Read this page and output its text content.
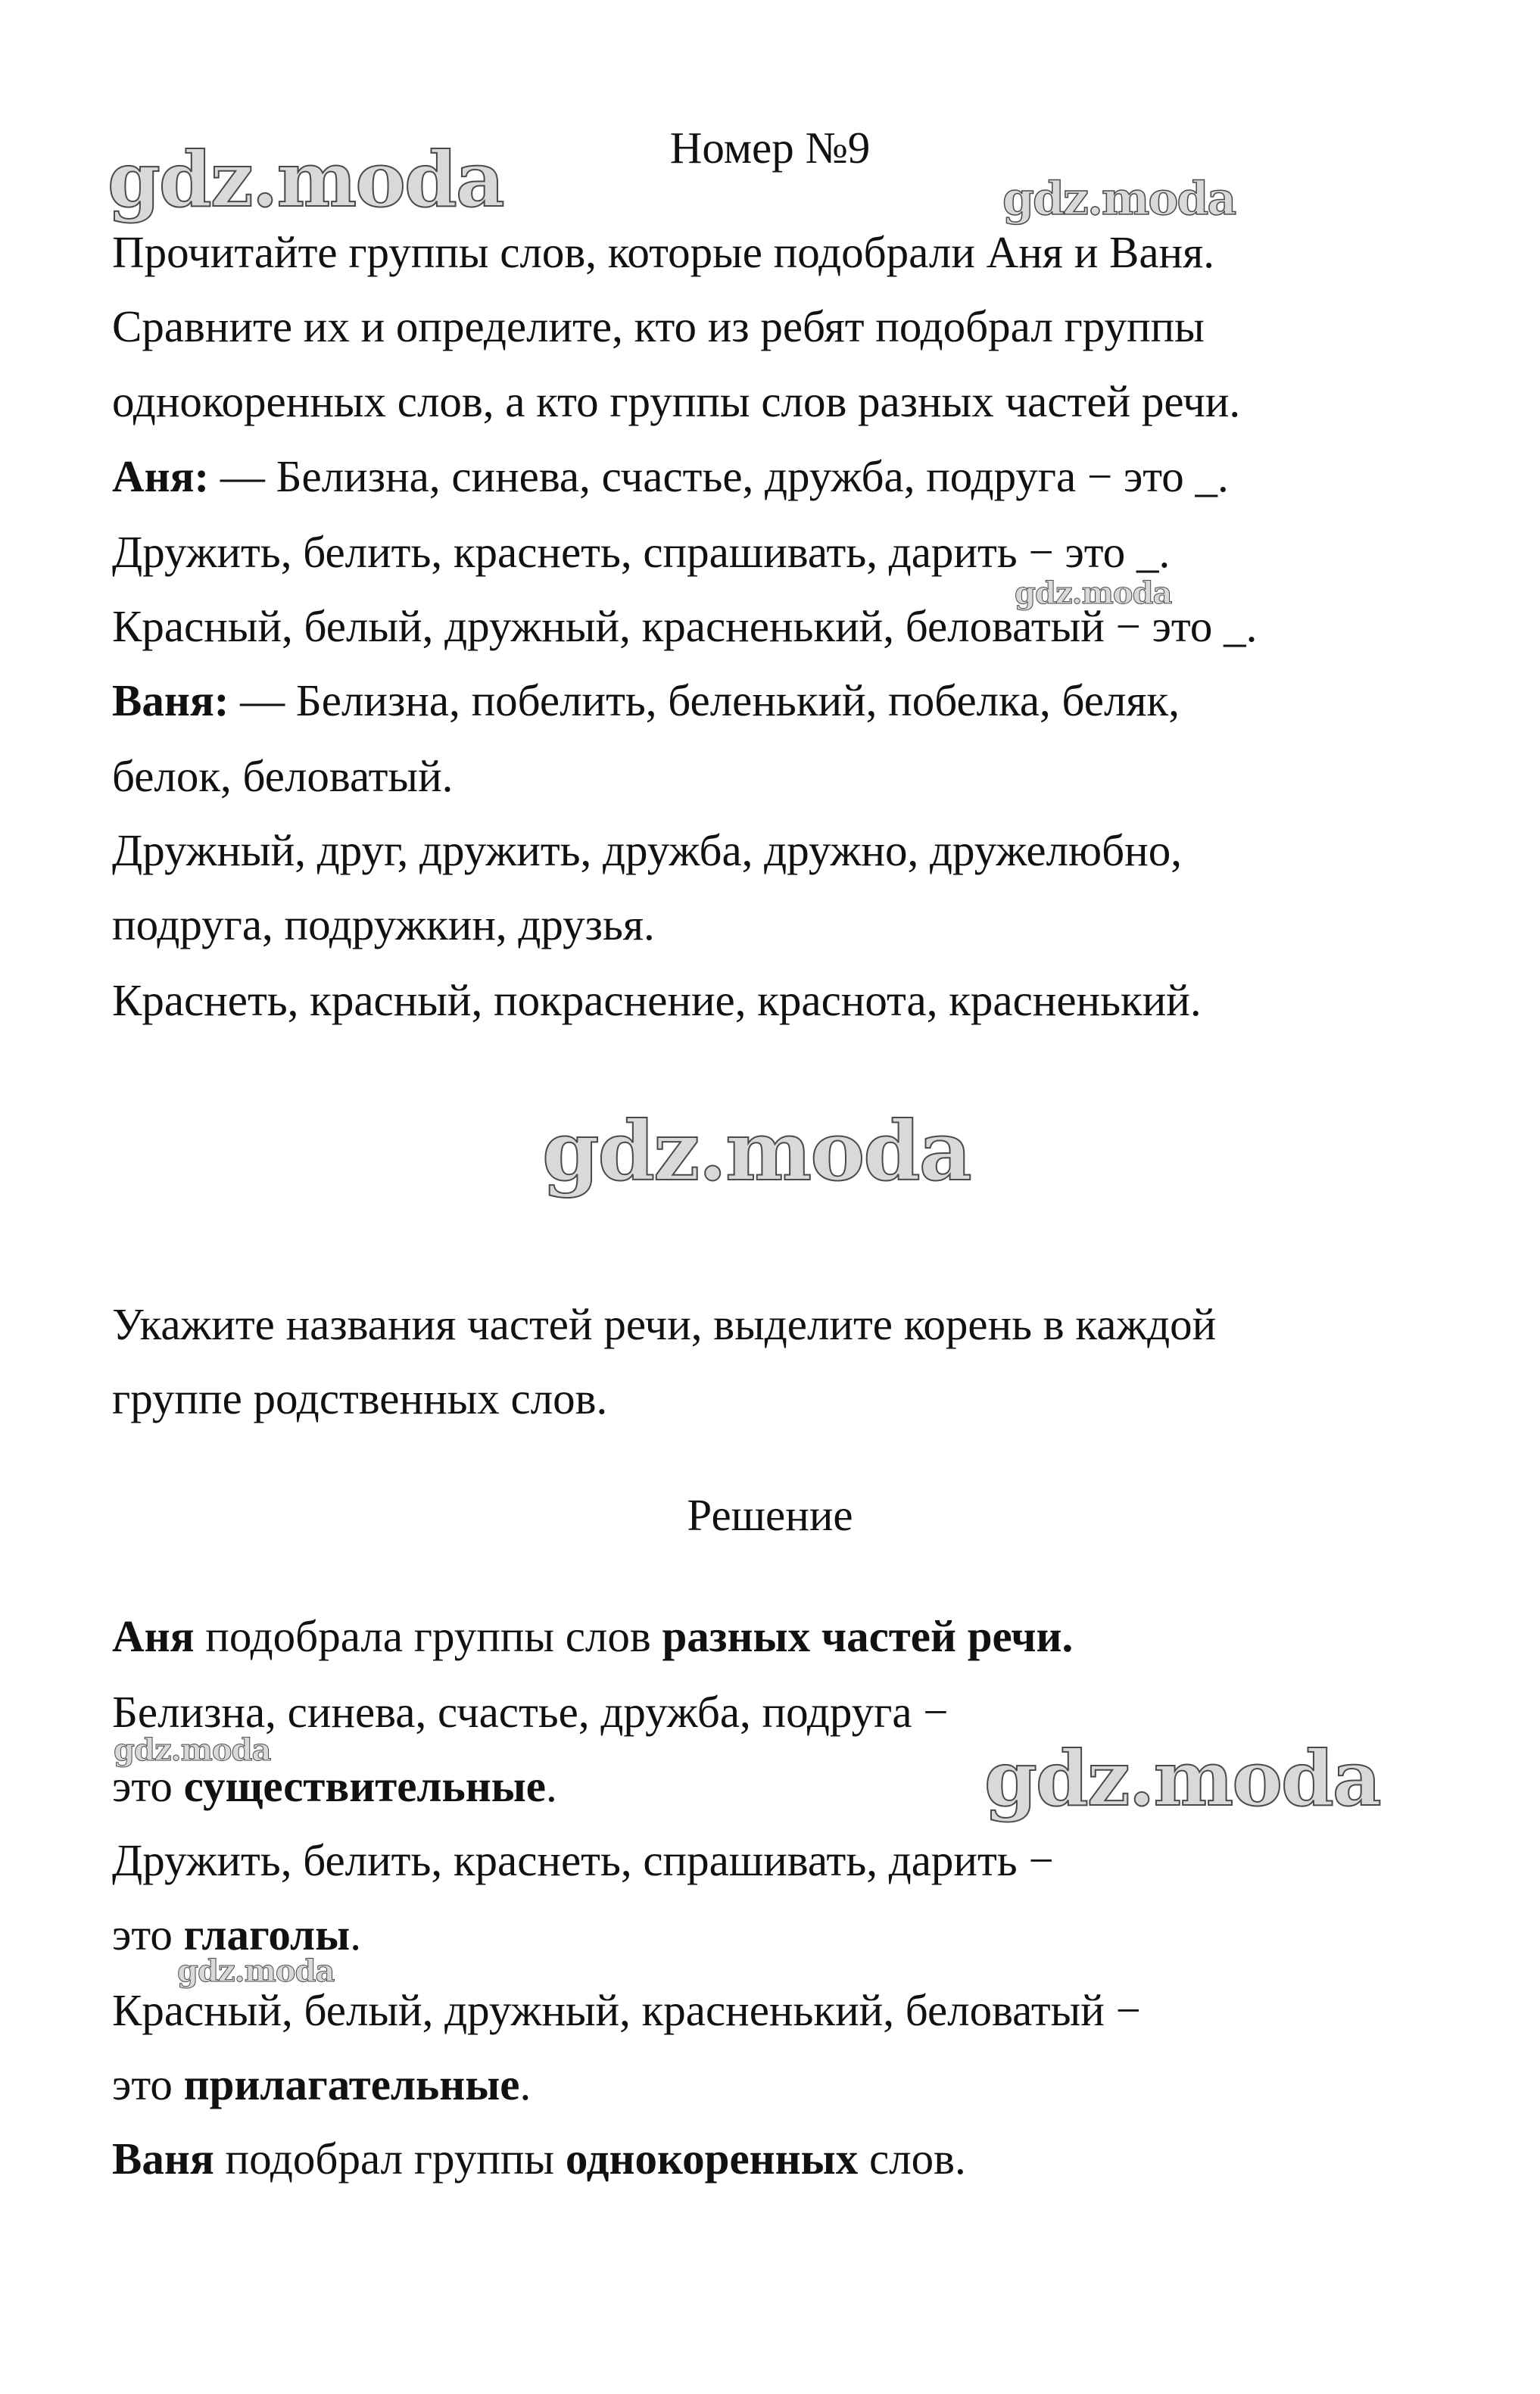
Номер №9
Прочитайте группы слов, которые подобрали Аня и Ваня.
Сравните их и определите, кто из ребят подобрал группы
однокоренных слов, а кто группы слов разных частей речи.
Аня: — Белизна, синева, счастье, дружба, подруга − это _.
Дружить, белить, краснеть, спрашивать, дарить − это _.
Красный, белый, дружный, красненький, беловатый − это _.
Ваня: — Белизна, побелить, беленький, побелка, беляк,
белок, беловатый.
Дружный, друг, дружить, дружба, дружно, дружелюбно,
подруга, подружкин, друзья.
Краснеть, красный, покраснение, краснота, красненький.
Укажите названия частей речи, выделите корень в каждой
группе родственных слов.
Решение
Аня подобрала группы слов разных частей речи.
Белизна, синева, счастье, дружба, подруга −
это существительные.
Дружить, белить, краснеть, спрашивать, дарить −
это глаголы.
Красный, белый, дружный, красненький, беловатый −
это прилагательные.
Ваня подобрал группы однокоренных слов.
gdz.moda	gdz.moda
gdz.moda
gdz.moda
gdz.moda	gdz.moda
gdz.moda
